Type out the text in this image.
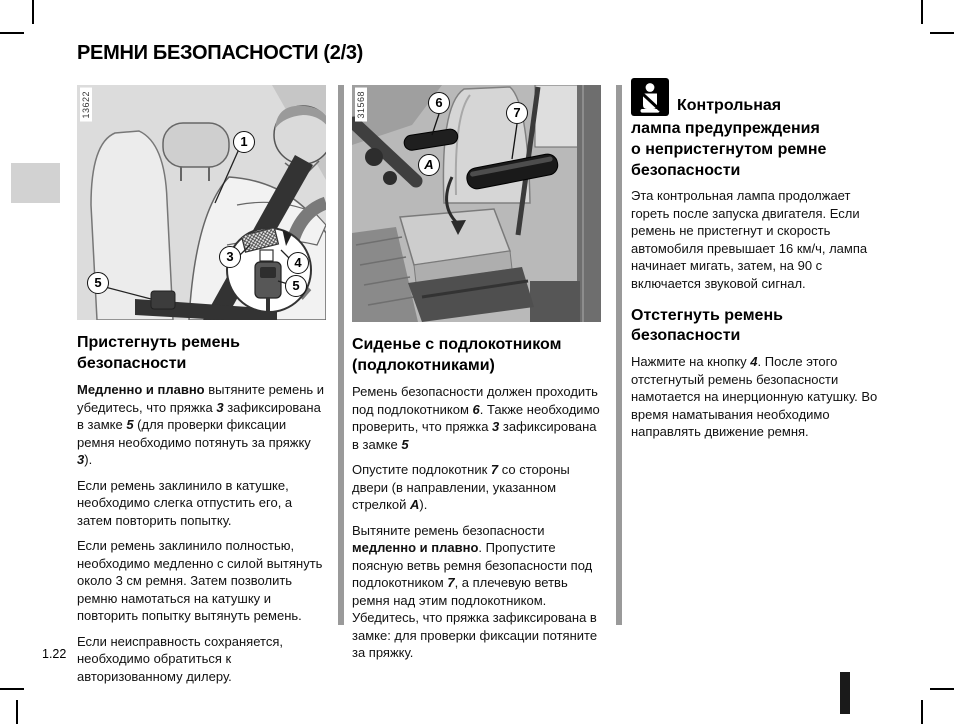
РЕМНИ БЕЗОПАСНОСТИ (2/3)
13622
1
5
3	4
5
Пристегнуть ремень
безопасности

Медленно и плавно вытяните ремень и убедитесь, что пряжка 3 зафиксирована в замке 5 (для проверки фиксации ремня необходимо потянуть за пряжку 3).

Если ремень заклинило в катушке, необходимо слегка отпустить его, а затем повторить попытку.

Если ремень заклинило полностью, необходимо медленно с силой вытянуть около 3 см ремня. Затем позволить ремню намотаться на катушку и повторить попытку вытянуть ремень.

Если неисправность сохраняется, необходимо обратиться к авторизованному дилеру.

31568	6
7
A
Сиденье с подлокотником
(подлокотниками)

Ремень безопасности должен проходить под подлокотником 6. Также необходимо проверить, что пряжка 3 зафиксирована в замке 5

Опустите подлокотник 7 со стороны двери (в направлении, указанном стрелкой A).

Вытяните ремень безопасности медленно и плавно. Пропустите поясную ветвь ремня безопасности под подлокотником 7, а плечевую ветвь ремня над этим подлокотником. Убедитесь, что пряжка зафиксирована в замке: для проверки фиксации потяните за пряжку.

Контрольная
лампа предупреждения
о непристегнутом ремне
безопасности

Эта контрольная лампа продолжает гореть после запуска двигателя. Если ремень не пристегнут и скорость автомобиля превышает 16 км/ч, лампа начинает мигать, затем, на 90 с включается звуковой сигнал.

Отстегнуть ремень безопасности

Нажмите на кнопку 4. После этого отстегнутый ремень безопасности намотается на инерционную катушку. Во время наматывания необходимо направлять движение ремня.

1.22
